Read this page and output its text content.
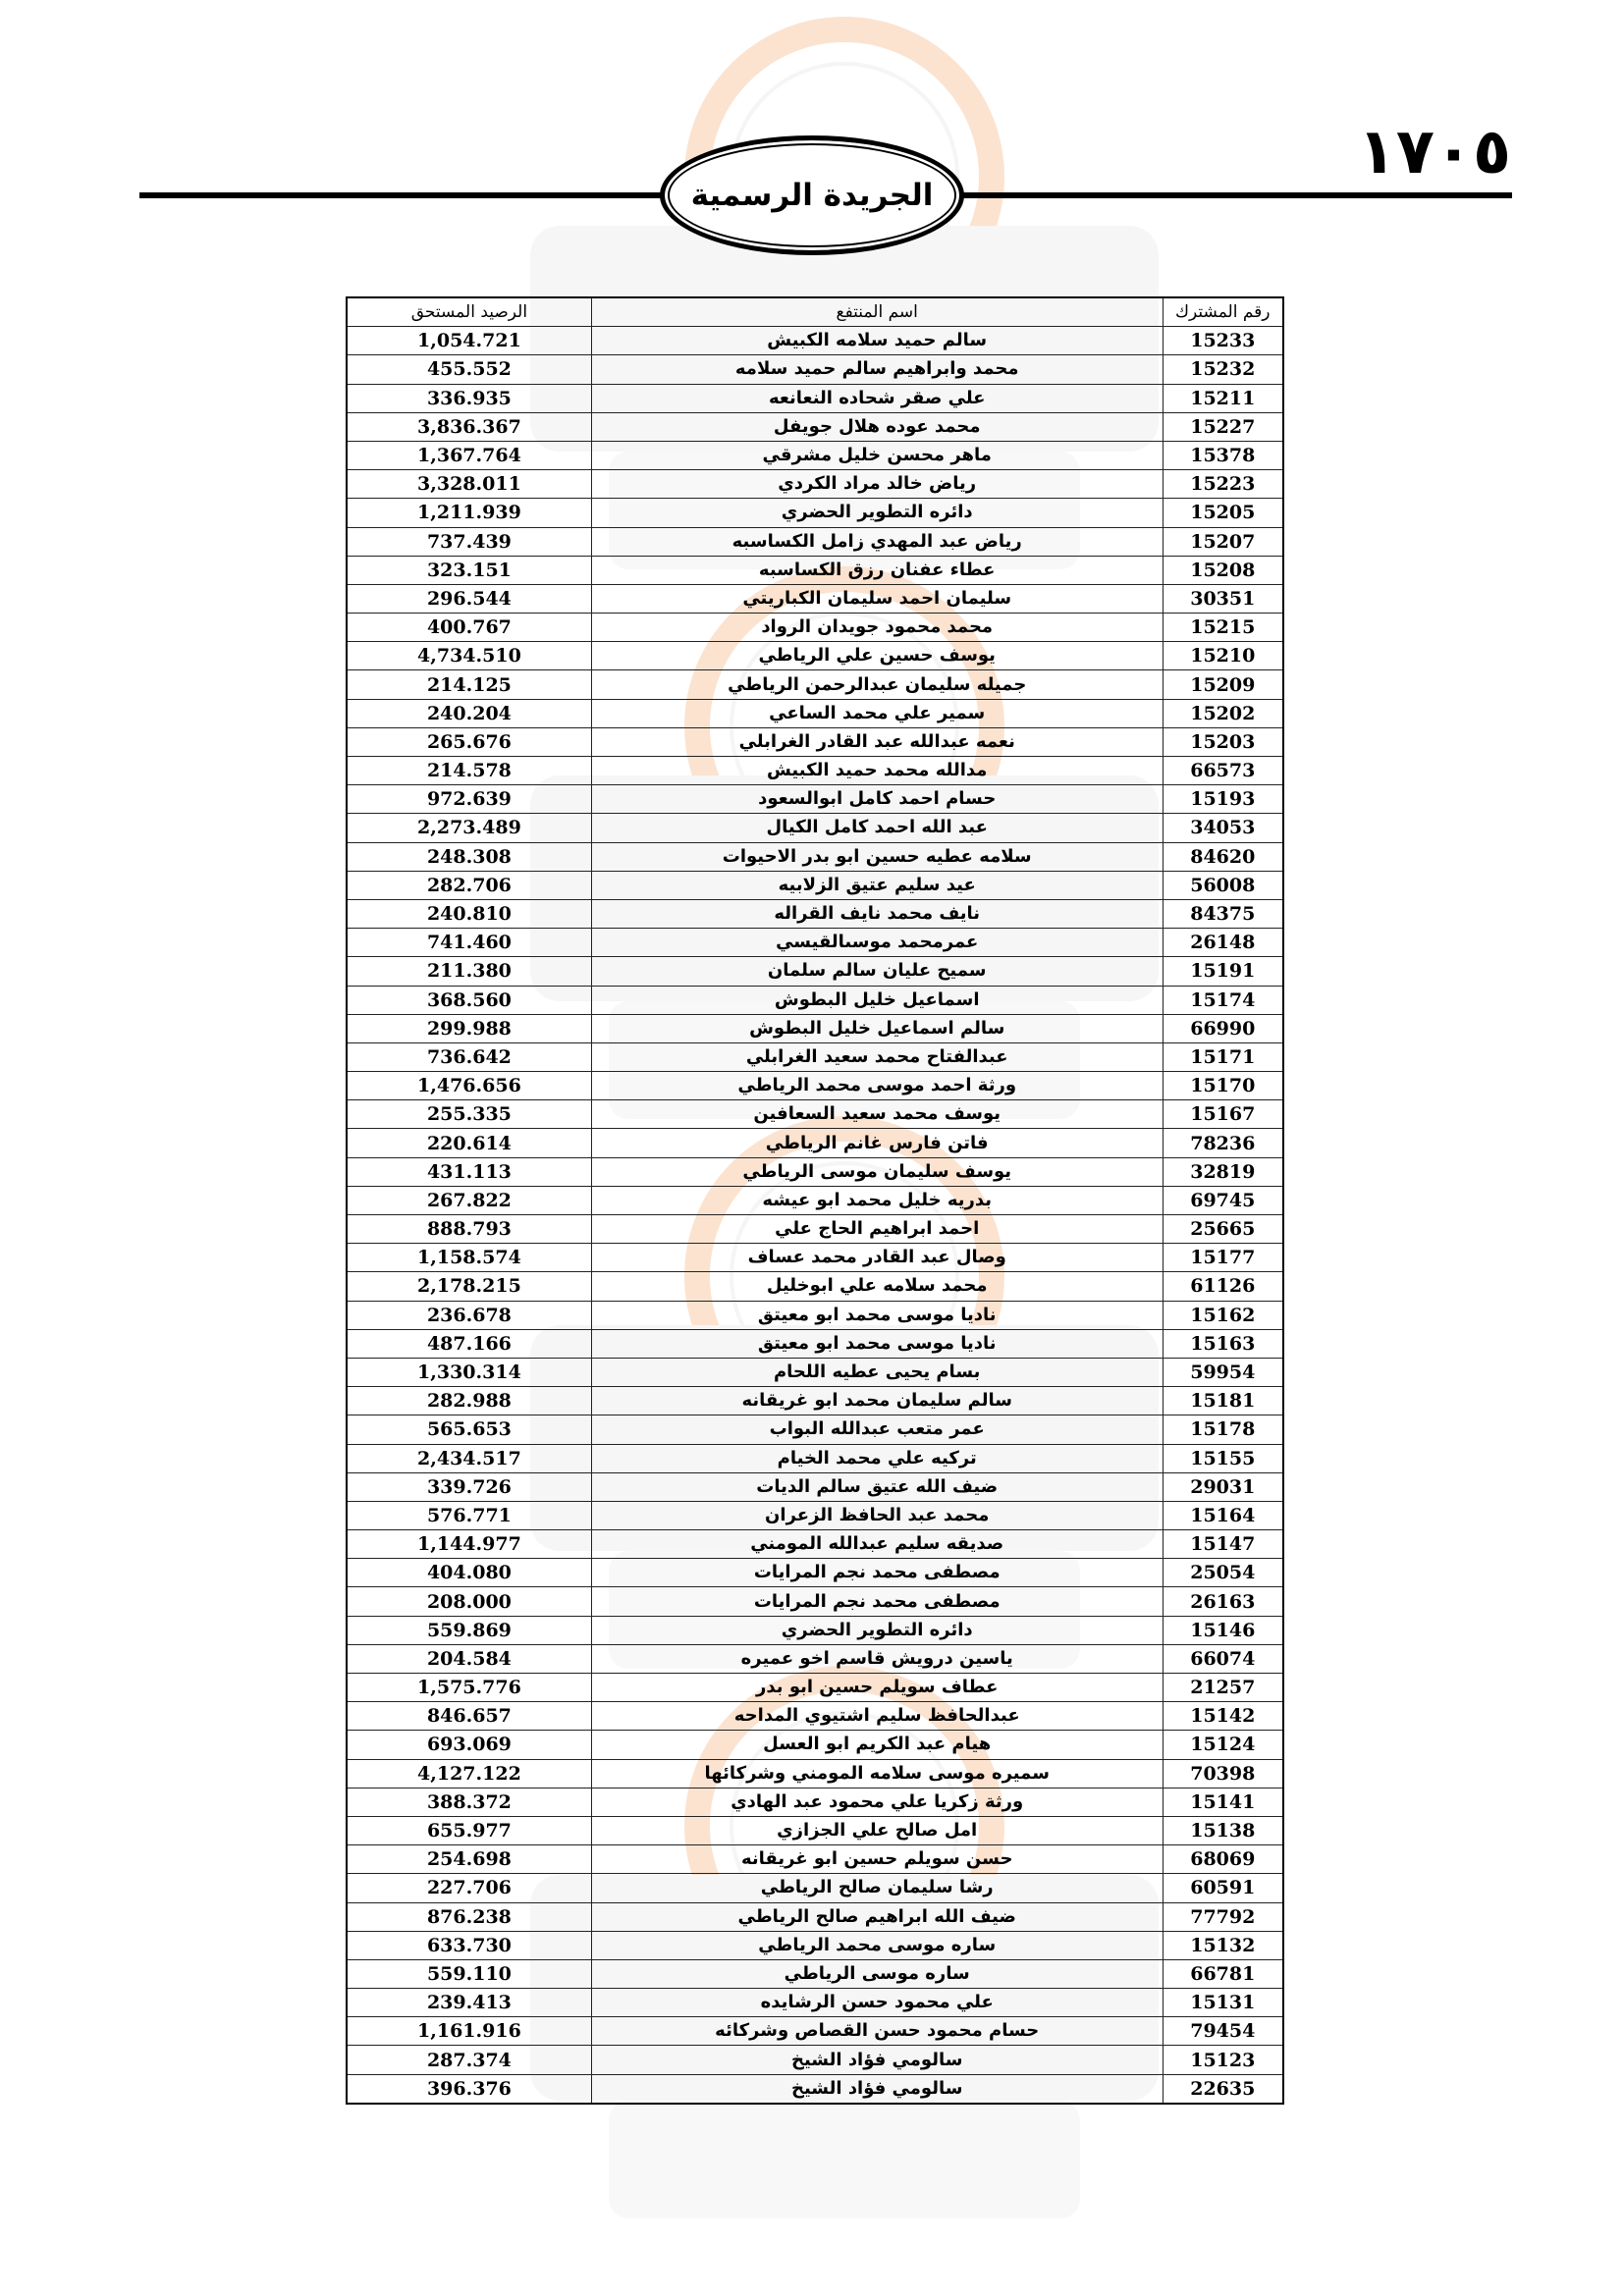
١٧٠٥
الجريدة الرسمية
رقم المشترك	اسم المنتفع	الرصيد المستحق
15233	سالم حميد سلامه الكبيش	1,054.721
15232	محمد وابراهيم سالم حميد سلامه	455.552
15211	علي صقر شحاده النعانعه	336.935
15227	محمد عوده هلال جويفل	3,836.367
15378	ماهر محسن خليل مشرقي	1,367.764
15223	رياض خالد مراد الكردي	3,328.011
15205	دائره التطوير الحضري	1,211.939
15207	رياض عبد المهدي زامل الكساسبه	737.439
15208	عطاء عفنان رزق الكساسبه	323.151
30351	سليمان احمد سليمان الكباريتي	296.544
15215	محمد محمود جويدان الرواد	400.767
15210	يوسف حسين علي الرياطي	4,734.510
15209	جميله سليمان عبدالرحمن الرياطي	214.125
15202	سمير علي محمد الساعي	240.204
15203	نعمه عبدالله عبد القادر الغرابلي	265.676
66573	مدالله محمد حميد الكبيش	214.578
15193	حسام احمد كامل ابوالسعود	972.639
34053	عبد الله احمد كامل الكيال	2,273.489
84620	سلامه عطيه حسين ابو بدر الاحيوات	248.308
56008	عيد سليم عتيق الزلابيه	282.706
84375	نايف محمد نايف القراله	240.810
26148	عمرمحمد موسىالقيسي	741.460
15191	سميح عليان سالم سلمان	211.380
15174	اسماعيل خليل البطوش	368.560
66990	سالم اسماعيل خليل البطوش	299.988
15171	عبدالفتاح محمد سعيد الغرابلي	736.642
15170	ورثة احمد موسى محمد الرياطي	1,476.656
15167	يوسف محمد سعيد السعافين	255.335
78236	فاتن فارس غانم الرياطي	220.614
32819	يوسف سليمان موسى الرياطي	431.113
69745	بدريه خليل محمد ابو عيشه	267.822
25665	احمد ابراهيم الحاج علي	888.793
15177	وصال عبد القادر محمد عساف	1,158.574
61126	محمد سلامه علي ابوخليل	2,178.215
15162	ناديا موسى محمد ابو معيتق	236.678
15163	ناديا موسى محمد ابو معيتق	487.166
59954	بسام يحيى عطيه اللحام	1,330.314
15181	سالم سليمان محمد ابو غريقانه	282.988
15178	عمر متعب عبدالله البواب	565.653
15155	تركيه علي محمد الخيام	2,434.517
29031	ضيف الله عتيق سالم الديات	339.726
15164	محمد عبد الحافظ الزعران	576.771
15147	صديقه سليم عبدالله المومني	1,144.977
25054	مصطفى محمد نجم المرايات	404.080
26163	مصطفى محمد نجم المرايات	208.000
15146	دائره التطوير الحضري	559.869
66074	ياسين درويش قاسم اخو عميره	204.584
21257	عطاف سويلم حسين ابو بدر	1,575.776
15142	عبدالحافظ سليم اشتيوي المداحه	846.657
15124	هيام عبد الكريم ابو العسل	693.069
70398	سميره موسى سلامه المومني وشركائها	4,127.122
15141	ورثة زكريا علي محمود عبد الهادي	388.372
15138	امل صالح علي الجزازي	655.977
68069	حسن سويلم حسين ابو غريقانه	254.698
60591	رشا سليمان صالح الرياطي	227.706
77792	ضيف الله ابراهيم صالح الرياطي	876.238
15132	ساره موسى محمد الرياطي	633.730
66781	ساره موسى الرياطي	559.110
15131	علي محمود حسن الرشايده	239.413
79454	حسام محمود حسن القصاص وشركائه	1,161.916
15123	سالومي فؤاد الشيخ	287.374
22635	سالومي فؤاد الشيخ	396.376
